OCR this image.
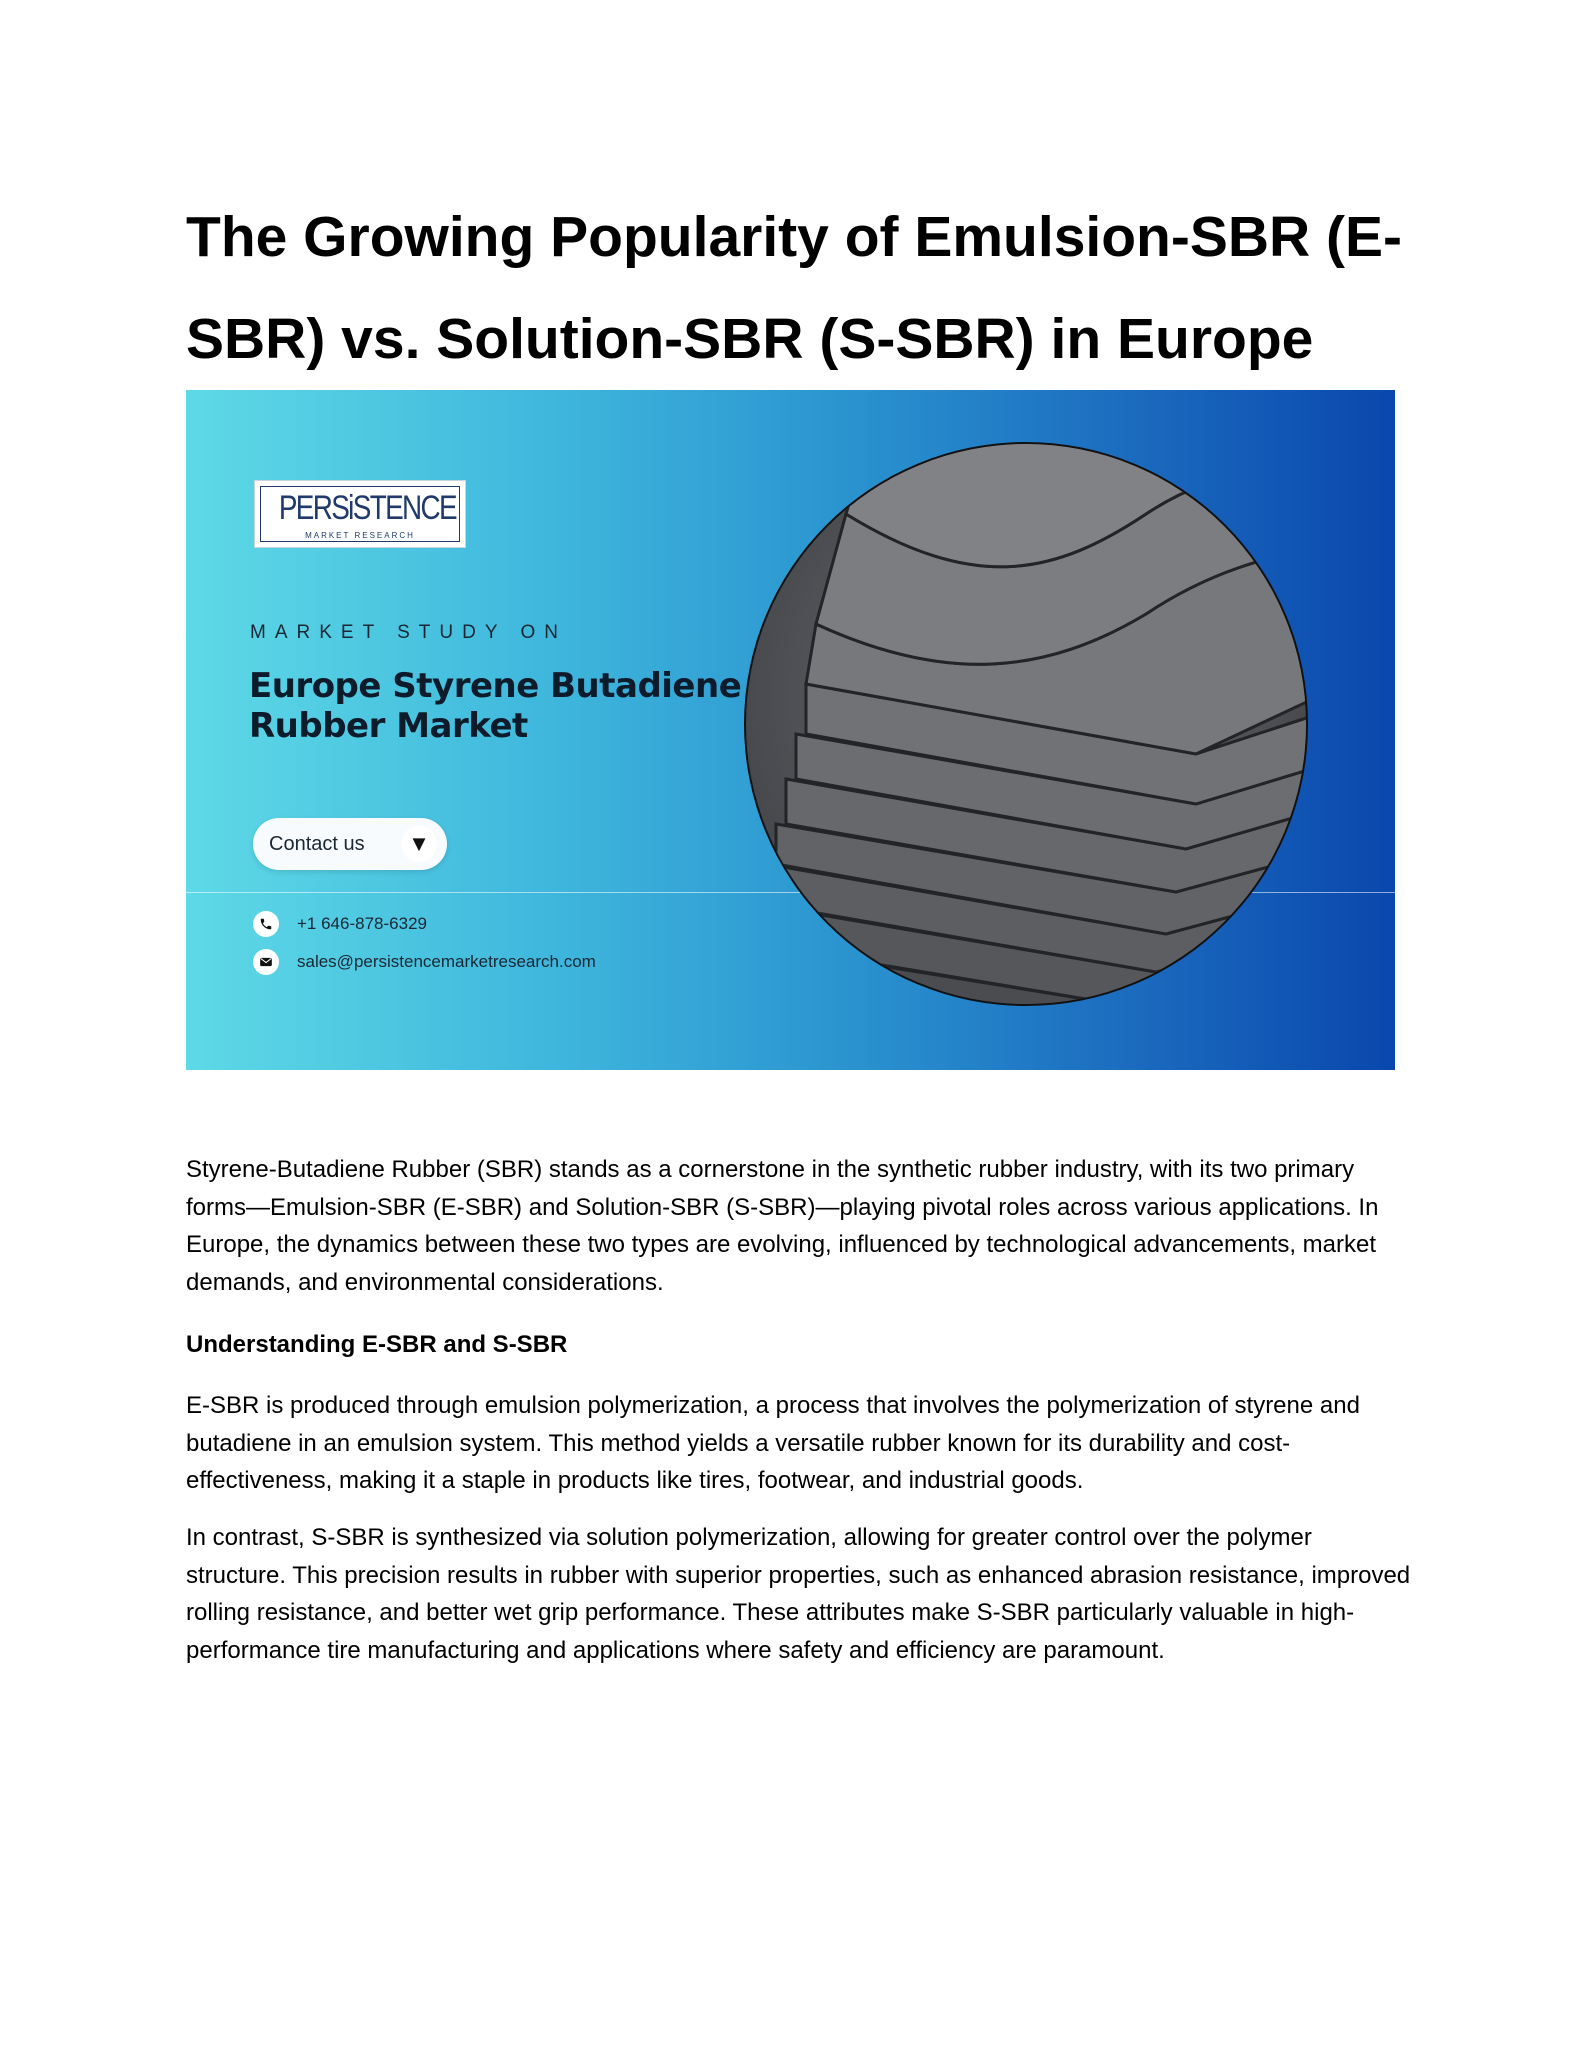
The Growing Popularity of Emulsion-SBR (E-SBR) vs. Solution-SBR (S-SBR) in Europe
PERSiSTENCE
MARKET RESEARCH
MARKET STUDY ON
Europe Styrene Butadiene Rubber Market
Contact us	▼
+1 646-878-6329
sales@persistencemarketresearch.com

Styrene-Butadiene Rubber (SBR) stands as a cornerstone in the synthetic rubber industry, with its two primary forms—Emulsion-SBR (E-SBR) and Solution-SBR (S-SBR)—playing pivotal roles across various applications. In Europe, the dynamics between these two types are evolving, influenced by technological advancements, market demands, and environmental considerations.

Understanding E-SBR and S-SBR

E-SBR is produced through emulsion polymerization, a process that involves the polymerization of styrene and butadiene in an emulsion system. This method yields a versatile rubber known for its durability and cost-effectiveness, making it a staple in products like tires, footwear, and industrial goods.

In contrast, S-SBR is synthesized via solution polymerization, allowing for greater control over the polymer structure. This precision results in rubber with superior properties, such as enhanced abrasion resistance, improved rolling resistance, and better wet grip performance. These attributes make S-SBR particularly valuable in high-performance tire manufacturing and applications where safety and efficiency are paramount.
